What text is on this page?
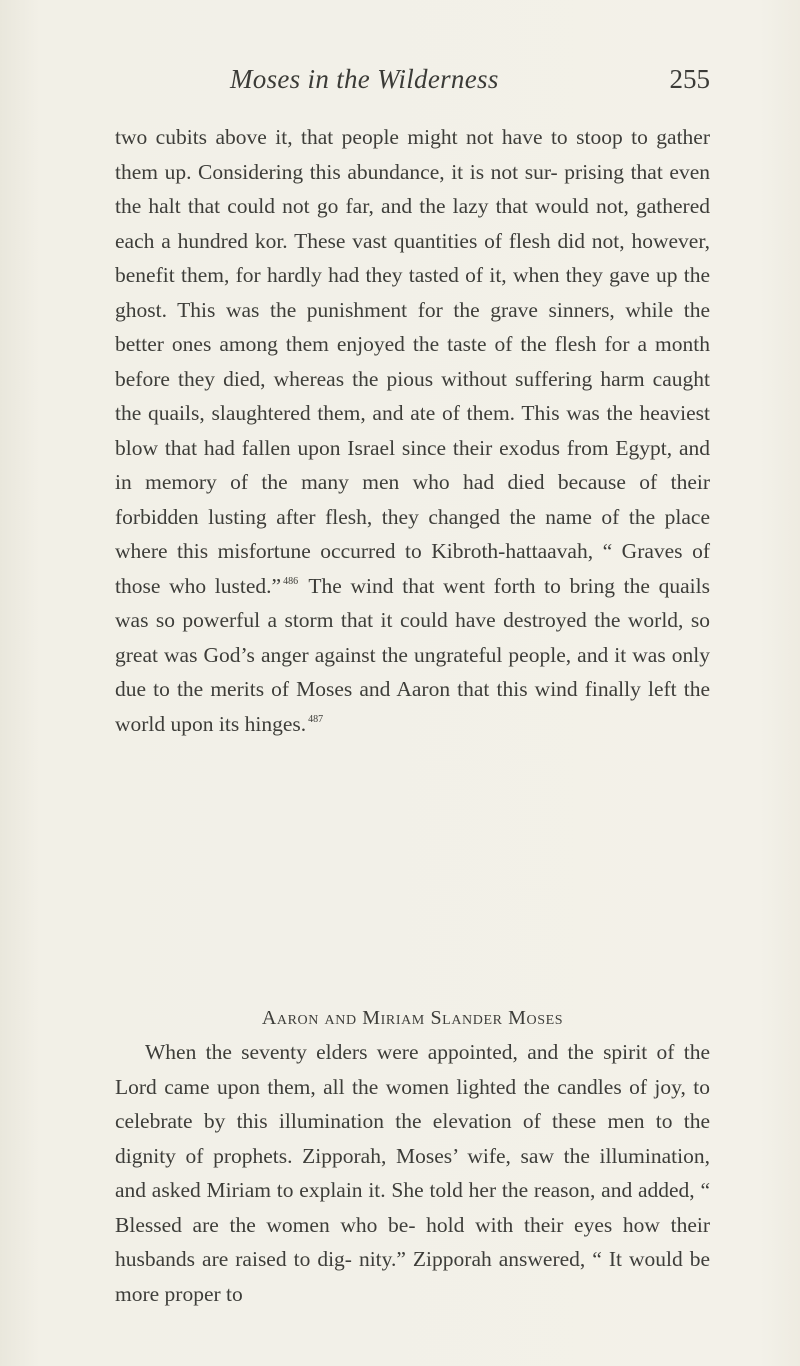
Moses in the Wilderness	255

two cubits above it, that people might not have to stoop to gather them up. Considering this abundance, it is not sur- prising that even the halt that could not go far, and the lazy that would not, gathered each a hundred kor. These vast quantities of flesh did not, however, benefit them, for hardly had they tasted of it, when they gave up the ghost. This was the punishment for the grave sinners, while the better ones among them enjoyed the taste of the flesh for a month before they died, whereas the pious without suffering harm caught the quails, slaughtered them, and ate of them. This was the heaviest blow that had fallen upon Israel since their exodus from Egypt, and in memory of the many men who had died because of their forbidden lusting after flesh, they changed the name of the place where this misfortune occurred to Kibroth-hattaavah, “ Graves of those who lusted.” $^{486}$ The wind that went forth to bring the quails was so powerful a storm that it could have destroyed the world, so great was God’s anger against the ungrateful people, and it was only due to the merits of Moses and Aaron that this wind finally left the world upon its hinges. $^{487}$

Aaron and Miriam Slander Moses

When the seventy elders were appointed, and the spirit of the Lord came upon them, all the women lighted the candles of joy, to celebrate by this illumination the elevation of these men to the dignity of prophets. Zipporah, Moses’ wife, saw the illumination, and asked Miriam to explain it. She told her the reason, and added, “ Blessed are the women who be- hold with their eyes how their husbands are raised to dig- nity.” Zipporah answered, “ It would be more proper to
